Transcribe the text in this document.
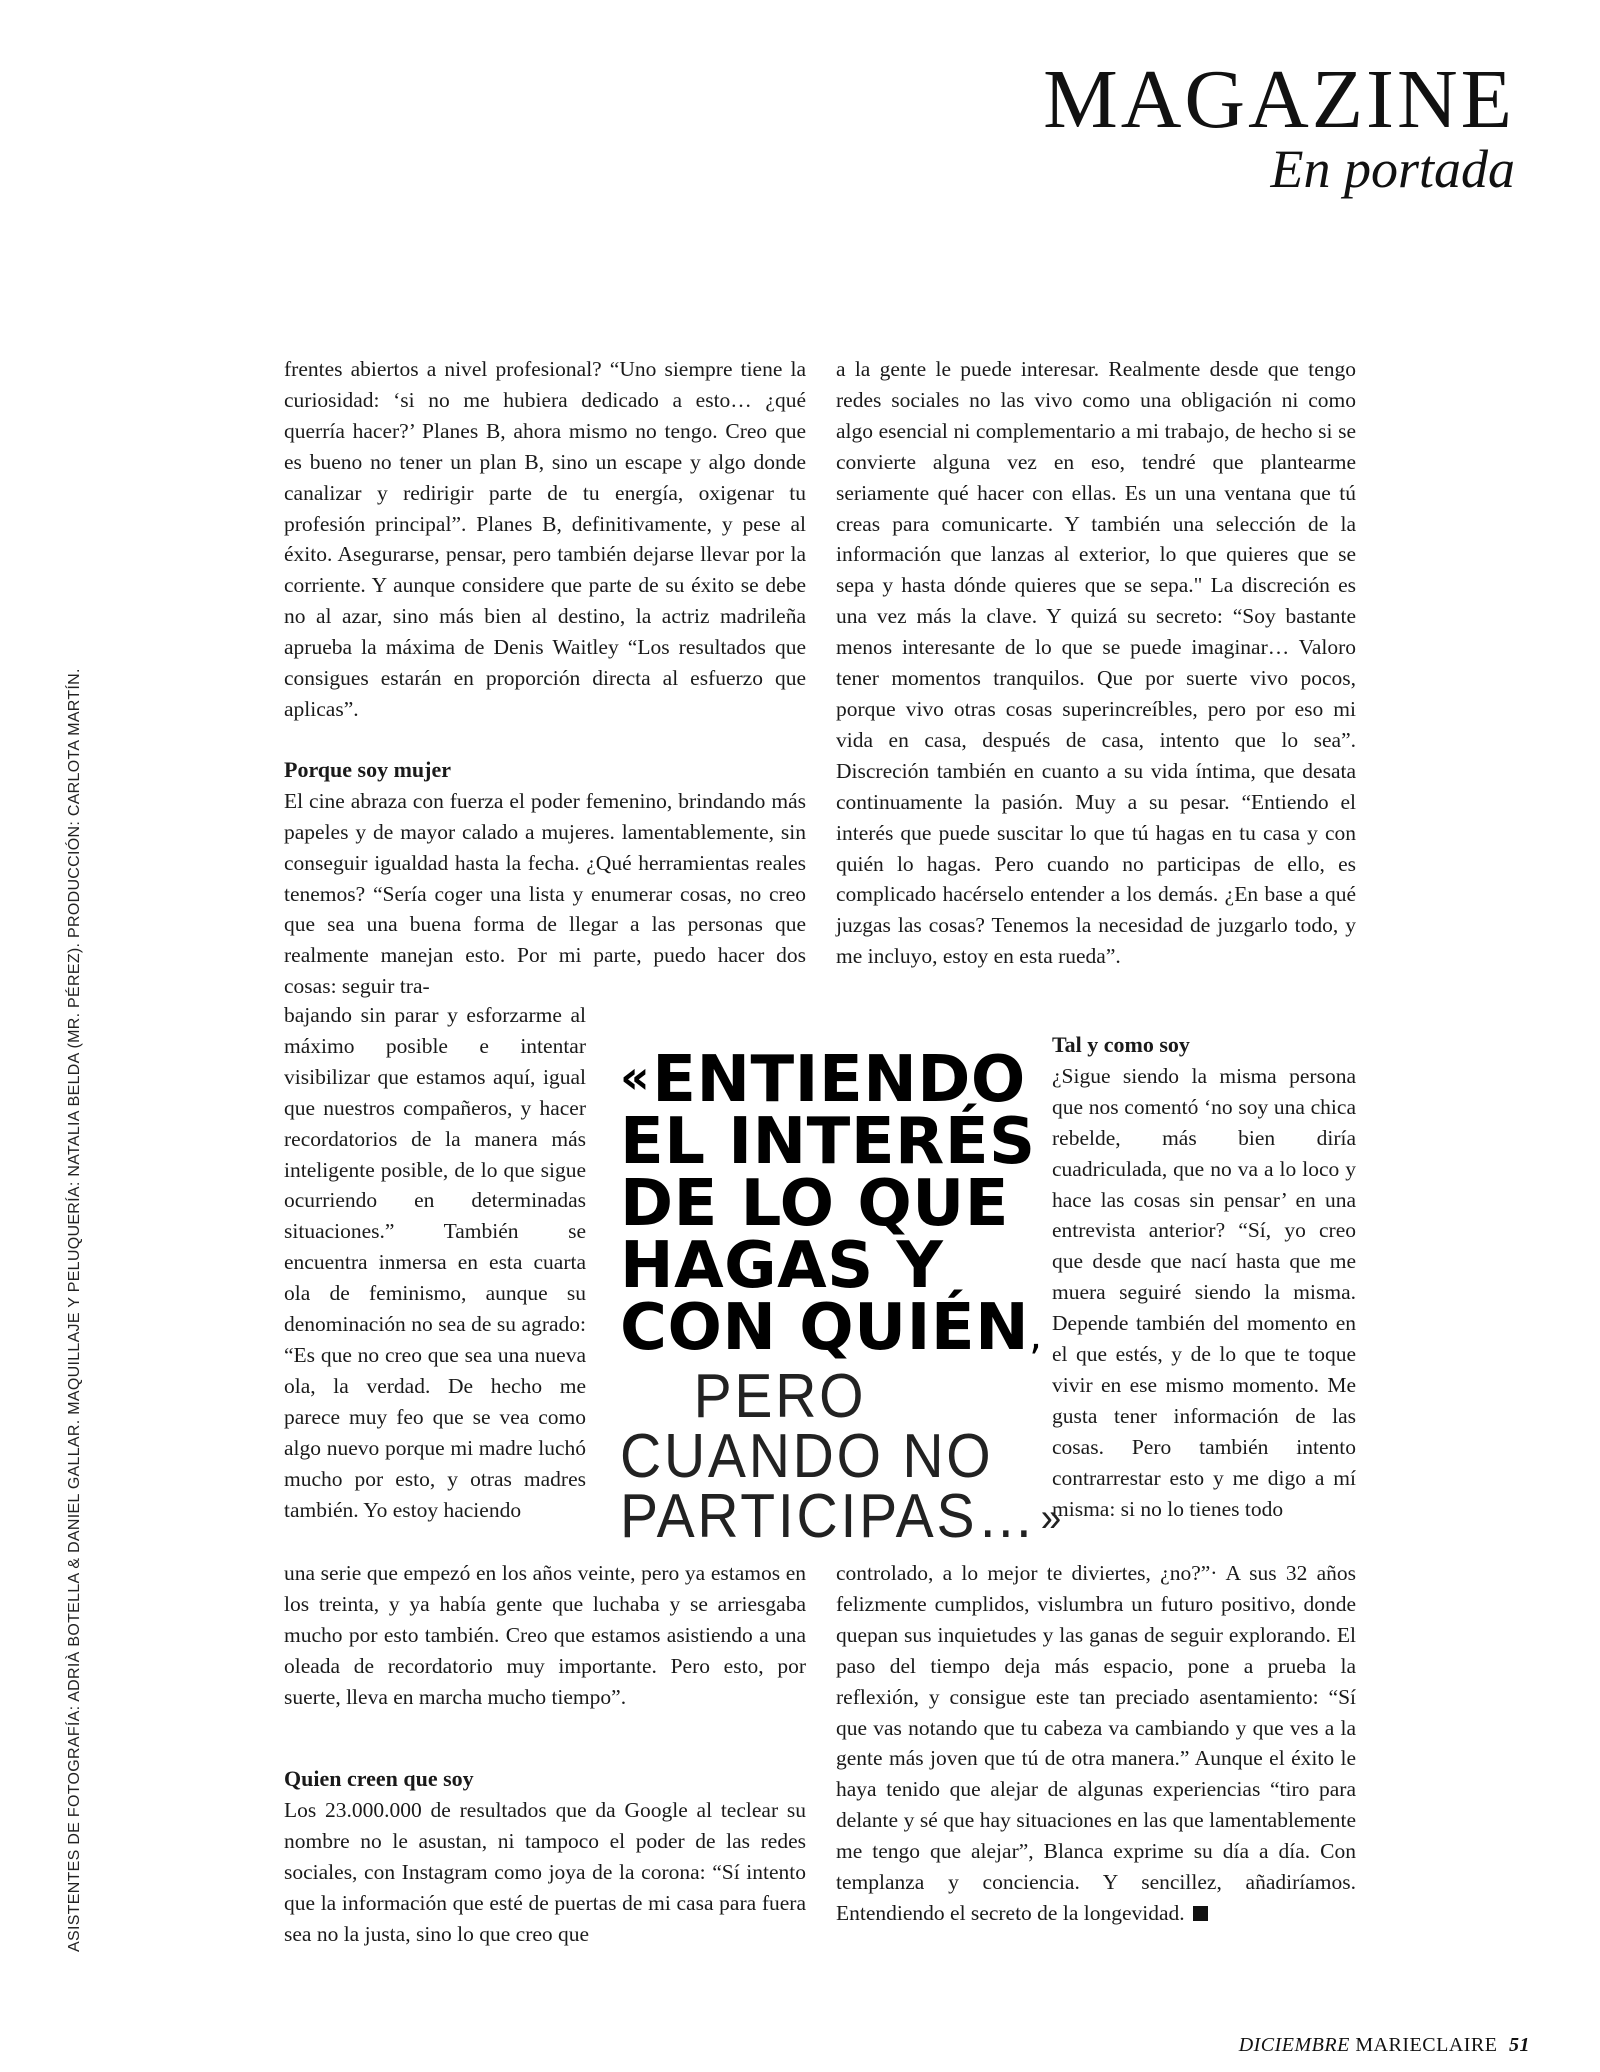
MAGAZINE
En portada
ASISTENTES DE FOTOGRAFÍA: ADRIÀ BOTELLA & DANIEL GALLAR. MAQUILLAJE Y PELUQUERÍA: NATALIA BELDA (MR. PÉREZ). PRODUCCIÓN: CARLOTA MARTÍN.

frentes abiertos a nivel profesional? “Uno siempre tiene la curiosidad: ‘si no me hubiera dedicado a esto… ¿qué querría hacer?’ Planes B, ahora mismo no tengo. Creo que es bueno no tener un plan B, sino un escape y algo donde canalizar y redirigir parte de tu energía, oxigenar tu profesión principal”. Planes B, definitivamente, y pese al éxito. Asegurarse, pensar, pero también dejarse llevar por la corriente. Y aunque considere que parte de su éxito se debe no al azar, sino más bien al destino, la actriz madrileña aprueba la máxima de Denis Waitley “Los resultados que consigues estarán en proporción directa al esfuerzo que aplicas”.

Porque soy mujer

El cine abraza con fuerza el poder femenino, brindando más papeles y de mayor calado a mujeres. lamentablemente, sin conseguir igualdad hasta la fecha. ¿Qué herramientas reales tenemos? “Sería coger una lista y enumerar cosas, no creo que sea una buena forma de llegar a las personas que realmente manejan esto. Por mi parte, puedo hacer dos cosas: seguir tra-

bajando sin parar y esforzarme al máximo posible e intentar visibilizar que estamos aquí, igual que nuestros compañeros, y hacer recordatorios de la manera más inteligente posible, de lo que sigue ocurriendo en determinadas situaciones.” También se encuentra inmersa en esta cuarta ola de feminismo, aunque su denominación no sea de su agrado: “Es que no creo que sea una nueva ola, la verdad. De hecho me parece muy feo que se vea como algo nuevo porque mi madre luchó mucho por esto, y otras madres también. Yo estoy haciendo

una serie que empezó en los años veinte, pero ya estamos en los treinta, y ya había gente que luchaba y se arriesgaba mucho por esto también. Creo que estamos asistiendo a una oleada de recordatorio muy importante. Pero esto, por suerte, lleva en marcha mucho tiempo”.

Quien creen que soy

Los 23.000.000 de resultados que da Google al teclear su nombre no le asustan, ni tampoco el poder de las redes sociales, con Instagram como joya de la corona: “Sí intento que la información que esté de puertas de mi casa para fuera sea no la justa, sino lo que creo que

a la gente le puede interesar. Realmente desde que tengo redes sociales no las vivo como una obligación ni como algo esencial ni complementario a mi trabajo, de hecho si se convierte alguna vez en eso, tendré que plantearme seriamente qué hacer con ellas. Es un una ventana que tú creas para comunicarte. Y también una selección de la información que lanzas al exterior, lo que quieres que se sepa y hasta dónde quieres que se sepa." La discreción es una vez más la clave. Y quizá su secreto: “Soy bastante menos interesante de lo que se puede imaginar… Valoro tener momentos tranquilos. Que por suerte vivo pocos, porque vivo otras cosas superincreíbles, pero por eso mi vida en casa, después de casa, intento que lo sea”. Discreción también en cuanto a su vida íntima, que desata continuamente la pasión. Muy a su pesar. “Entiendo el interés que puede suscitar lo que tú hagas en tu casa y con quién lo hagas. Pero cuando no participas de ello, es complicado hacérselo entender a los demás. ¿En base a qué juzgas las cosas? Tenemos la necesidad de juzgarlo todo, y me incluyo, estoy en esta rueda”.

Tal y como soy

¿Sigue siendo la misma persona que nos comentó ‘no soy una chica rebelde, más bien diría cuadriculada, que no va a lo loco y hace las cosas sin pensar’ en una entrevista anterior? “Sí, yo creo que desde que nací hasta que me muera seguiré siendo la misma. Depende también del momento en el que estés, y de lo que te toque vivir en ese mismo momento. Me gusta tener información de las cosas. Pero también intento contrarrestar esto y me digo a mí misma: si no lo tienes todo

controlado, a lo mejor te diviertes, ¿no?”· A sus 32 años felizmente cumplidos, vislumbra un futuro positivo, donde quepan sus inquietudes y las ganas de seguir explorando. El paso del tiempo deja más espacio, pone a prueba la reflexión, y consigue este tan preciado asentamiento: “Sí que vas notando que tu cabeza va cambiando y que ves a la gente más joven que tú de otra manera.” Aunque el éxito le haya tenido que alejar de algunas experiencias “tiro para delante y sé que hay situaciones en las que lamentablemente me tengo que alejar”, Blanca exprime su día a día. Con templanza y conciencia. Y sencillez, añadiríamos. Entendiendo el secreto de la longevidad.

«ENTIENDO
EL INTERÉS
DE LO QUE
HAGAS Y
CON QUIÉN,
PERO
CUANDO NO
PARTICIPAS…»
DICIEMBRE MARIECLAIRE 51
